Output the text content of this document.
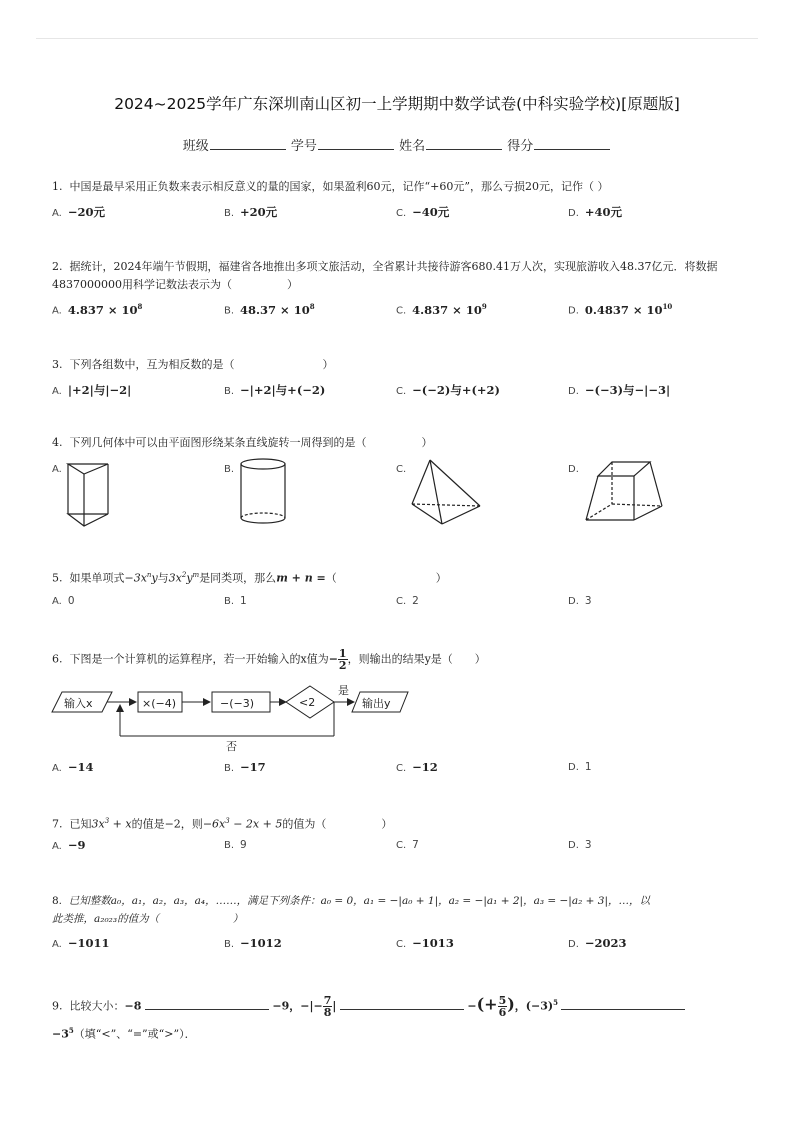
2024~2025学年广东深圳南山区初一上学期期中数学试卷(中科实验学校)[原题版]
班级	学号	姓名	得分
1. 中国是最早采用正负数来表示相反意义的量的国家，如果盈利60元，记作“+60元”，那么亏损20元，记作（ ）
A. −20元	B. +20元	C. −40元	D. +40元
2. 据统计，2024年端午节假期，福建省各地推出多项文旅活动，全省累计共接待游客680.41万人次，实现旅游收入48.37亿元．将数据4837000000用科学记数法表示为（　　　　　）
A. $4.837 \times 10^8$	B. $48.37 \times 10^8$	C. $4.837 \times 10^9$	D. $0.4837 \times 10^{10}$
3. 下列各组数中，互为相反数的是（　　　　　　　　）
A. |+2|与|−2|	B. −|+2|与+(−2)	C. −(−2)与+(+2)	D. −(−3)与−|−3|
4. 下列几何体中可以由平面图形绕某条直线旋转一周得到的是（　　　　　）
A.	B.	C.	D.
5. 如果单项式$-3x^ny$与$3x^2y^m$是同类项，那么m + n =（　　　　　　　　　）
A. 0	B. 1	C. 2	D. 3
6. 下图是一个计算机的运算程序，若一开始输入的x值为− $\frac{1}{2}$ ，则输出的结果y是（　　）
输入x	×(−4)	−(−3)	<2
是
输出y
否
A. −14	B. −17	C. −12	D. 1
7. 已知$3x^3 + x$的值是−2，则$-6x^3 - 2x + 5$的值为（　　　　　）
A. −9	B. 9	C. 7	D. 3
8. 已知整数a₀，a₁，a₂，a₃，a₄，……，满足下列条件：a₀ = 0，a₁ = −|a₀ + 1|，a₂ = −|a₁ + 2|，a₃ = −|a₂ + 3|，…，以
此类推，a₂₀₂₃的值为（　　　　　　　）
A. −1011	B. −1012	C. −1013	D. −2023
9. 比较大小：−8	−9，−|− $\frac{7}{8}$ |	−(+ $\frac{5}{6}$ )，$(-3)^5$
$-3^5$（填“<”、“=”或“>”）．
